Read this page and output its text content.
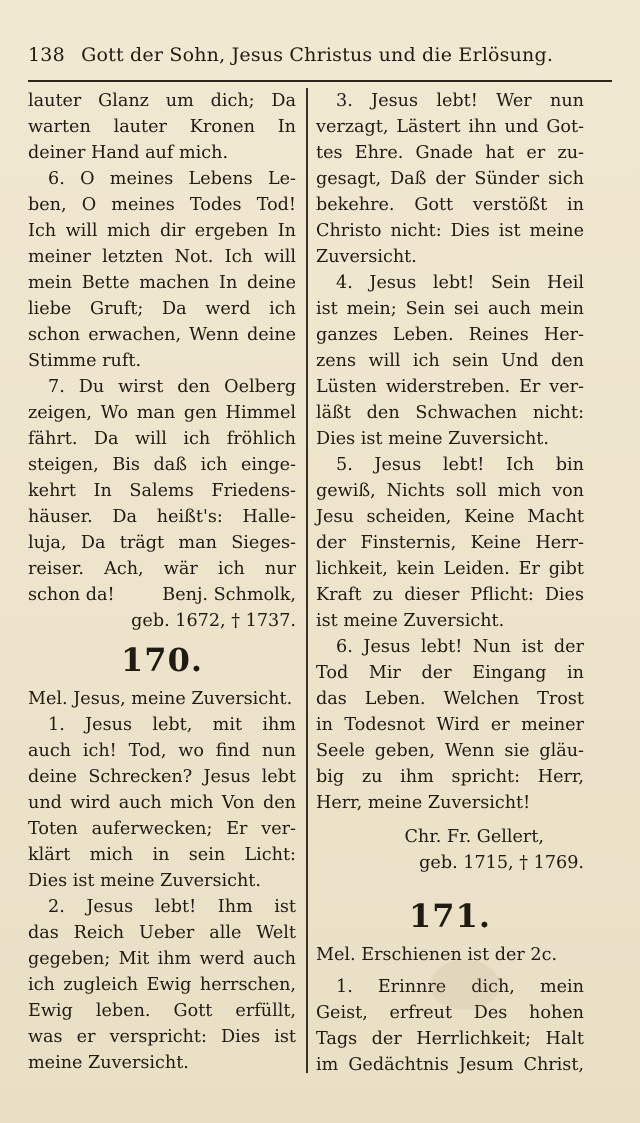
138 Gott der Sohn, Jesus Christus und die Erlösung.
lauter Glanz um dich; Da
warten lauter Kronen In
deiner Hand auf mich.
6. O meines Lebens Le-
ben, O meines Todes Tod!
Ich will mich dir ergeben In
meiner letzten Not. Ich will
mein Bette machen In deine
liebe Gruft; Da werd ich
schon erwachen, Wenn deine
Stimme ruft.
7. Du wirst den Oelberg
zeigen, Wo man gen Himmel
fährt. Da will ich fröhlich
steigen, Bis daß ich einge-
kehrt In Salems Friedens-
häuser. Da heißt's: Halle-
luja, Da trägt man Sieges-
reiser. Ach, wär ich nur
schon da!	Benj. Schmolk,
geb. 1672, † 1737.
170.

Mel. Jesus, meine Zuversicht.

1. Jesus lebt, mit ihm
auch ich! Tod, wo find nun
deine Schrecken? Jesus lebt
und wird auch mich Von den
Toten auferwecken; Er ver-
klärt mich in sein Licht:
Dies ist meine Zuversicht.
2. Jesus lebt! Ihm ist
das Reich Ueber alle Welt
gegeben; Mit ihm werd auch
ich zugleich Ewig herrschen,
Ewig leben. Gott erfüllt,
was er verspricht: Dies ist
meine Zuversicht.
3. Jesus lebt! Wer nun
verzagt, Lästert ihn und Got-
tes Ehre. Gnade hat er zu-
gesagt, Daß der Sünder sich
bekehre. Gott verstößt in
Christo nicht: Dies ist meine
Zuversicht.
4. Jesus lebt! Sein Heil
ist mein; Sein sei auch mein
ganzes Leben. Reines Her-
zens will ich sein Und den
Lüsten widerstreben. Er ver-
läßt den Schwachen nicht:
Dies ist meine Zuversicht.
5. Jesus lebt! Ich bin
gewiß, Nichts soll mich von
Jesu scheiden, Keine Macht
der Finsternis, Keine Herr-
lichkeit, kein Leiden. Er gibt
Kraft zu dieser Pflicht: Dies
ist meine Zuversicht.
6. Jesus lebt! Nun ist der
Tod Mir der Eingang in
das Leben. Welchen Trost
in Todesnot Wird er meiner
Seele geben, Wenn sie gläu-
big zu ihm spricht: Herr,
Herr, meine Zuversicht!
Chr. Fr. Gellert,
geb. 1715, † 1769.
171.

Mel. Erschienen ist der 2c.

1. Erinnre dich, mein
Geist, erfreut Des hohen
Tags der Herrlichkeit; Halt
im Gedächtnis Jesum Christ,
